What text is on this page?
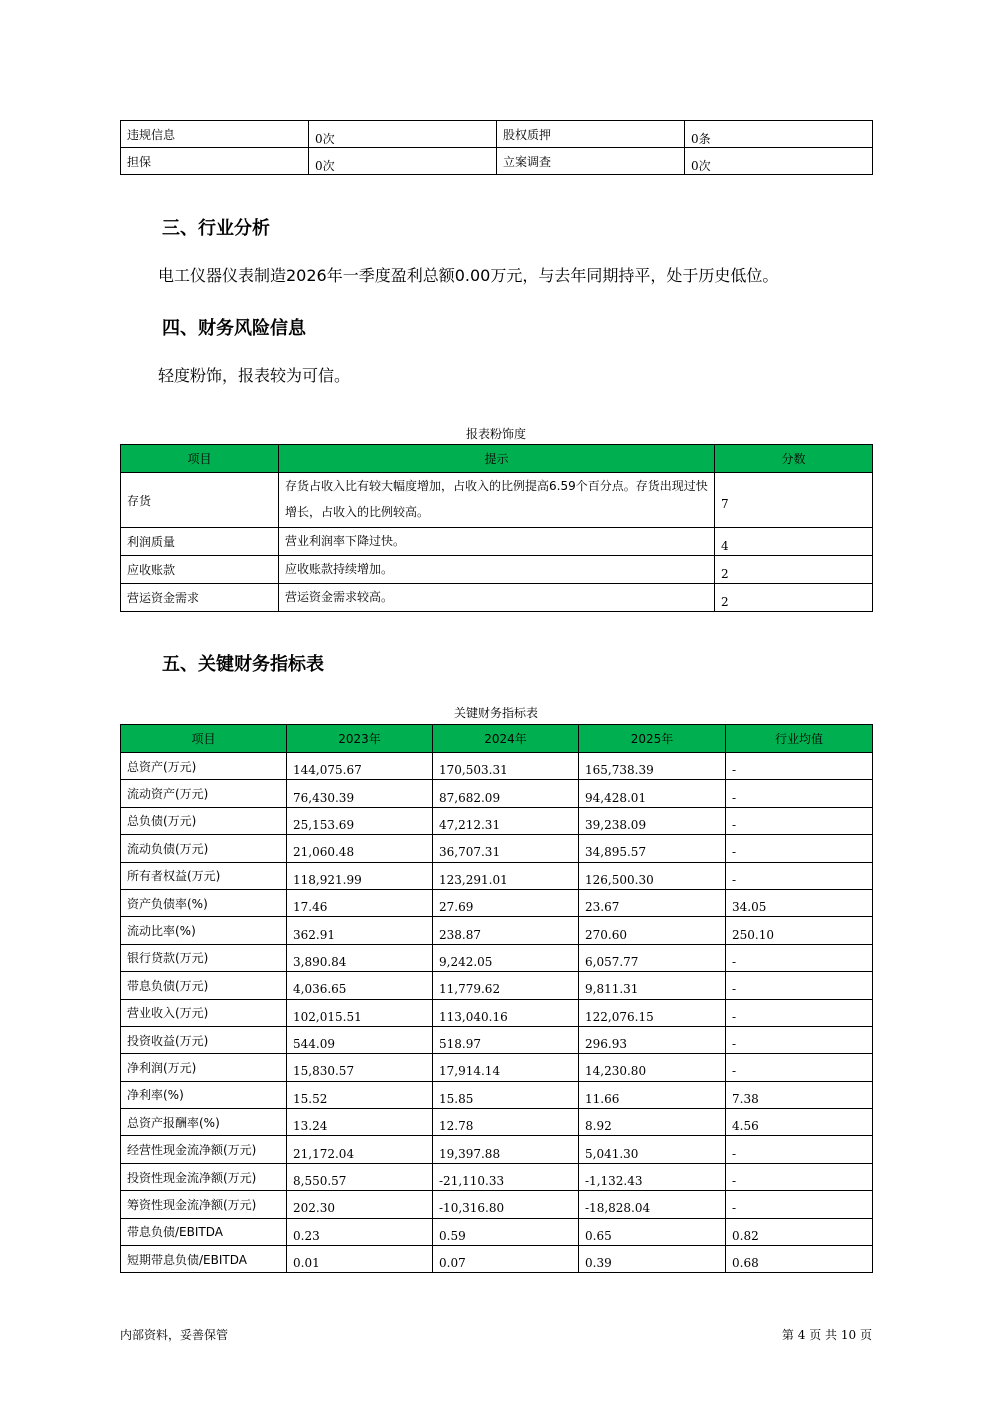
违规信息	0次	股权质押	0条
担保	0次	立案调查	0次
三、行业分析

电工仪器仪表制造2026年一季度盈利总额0.00万元，与去年同期持平，处于历史低位。

四、财务风险信息

轻度粉饰，报表较为可信。

报表粉饰度
项目	提示	分数
存货	存货占收入比有较大幅度增加，占收入的比例提高6.59个百分点。存货出现过快增长，占收入的比例较高。	7
利润质量	营业利润率下降过快。	4
应收账款	应收账款持续增加。	2
营运资金需求	营运资金需求较高。	2
五、关键财务指标表
关键财务指标表
项目	2023年	2024年	2025年	行业均值
总资产(万元)	144,075.67	170,503.31	165,738.39	-
流动资产(万元)	76,430.39	87,682.09	94,428.01	-
总负债(万元)	25,153.69	47,212.31	39,238.09	-
流动负债(万元)	21,060.48	36,707.31	34,895.57	-
所有者权益(万元)	118,921.99	123,291.01	126,500.30	-
资产负债率(%)	17.46	27.69	23.67	34.05
流动比率(%)	362.91	238.87	270.60	250.10
银行贷款(万元)	3,890.84	9,242.05	6,057.77	-
带息负债(万元)	4,036.65	11,779.62	9,811.31	-
营业收入(万元)	102,015.51	113,040.16	122,076.15	-
投资收益(万元)	544.09	518.97	296.93	-
净利润(万元)	15,830.57	17,914.14	14,230.80	-
净利率(%)	15.52	15.85	11.66	7.38
总资产报酬率(%)	13.24	12.78	8.92	4.56
经营性现金流净额(万元)	21,172.04	19,397.88	5,041.30	-
投资性现金流净额(万元)	8,550.57	-21,110.33	-1,132.43	-
筹资性现金流净额(万元)	202.30	-10,316.80	-18,828.04	-
带息负债/EBITDA	0.23	0.59	0.65	0.82
短期带息负债/EBITDA	0.01	0.07	0.39	0.68
内部资料，妥善保管	第 4 页 共 10 页
